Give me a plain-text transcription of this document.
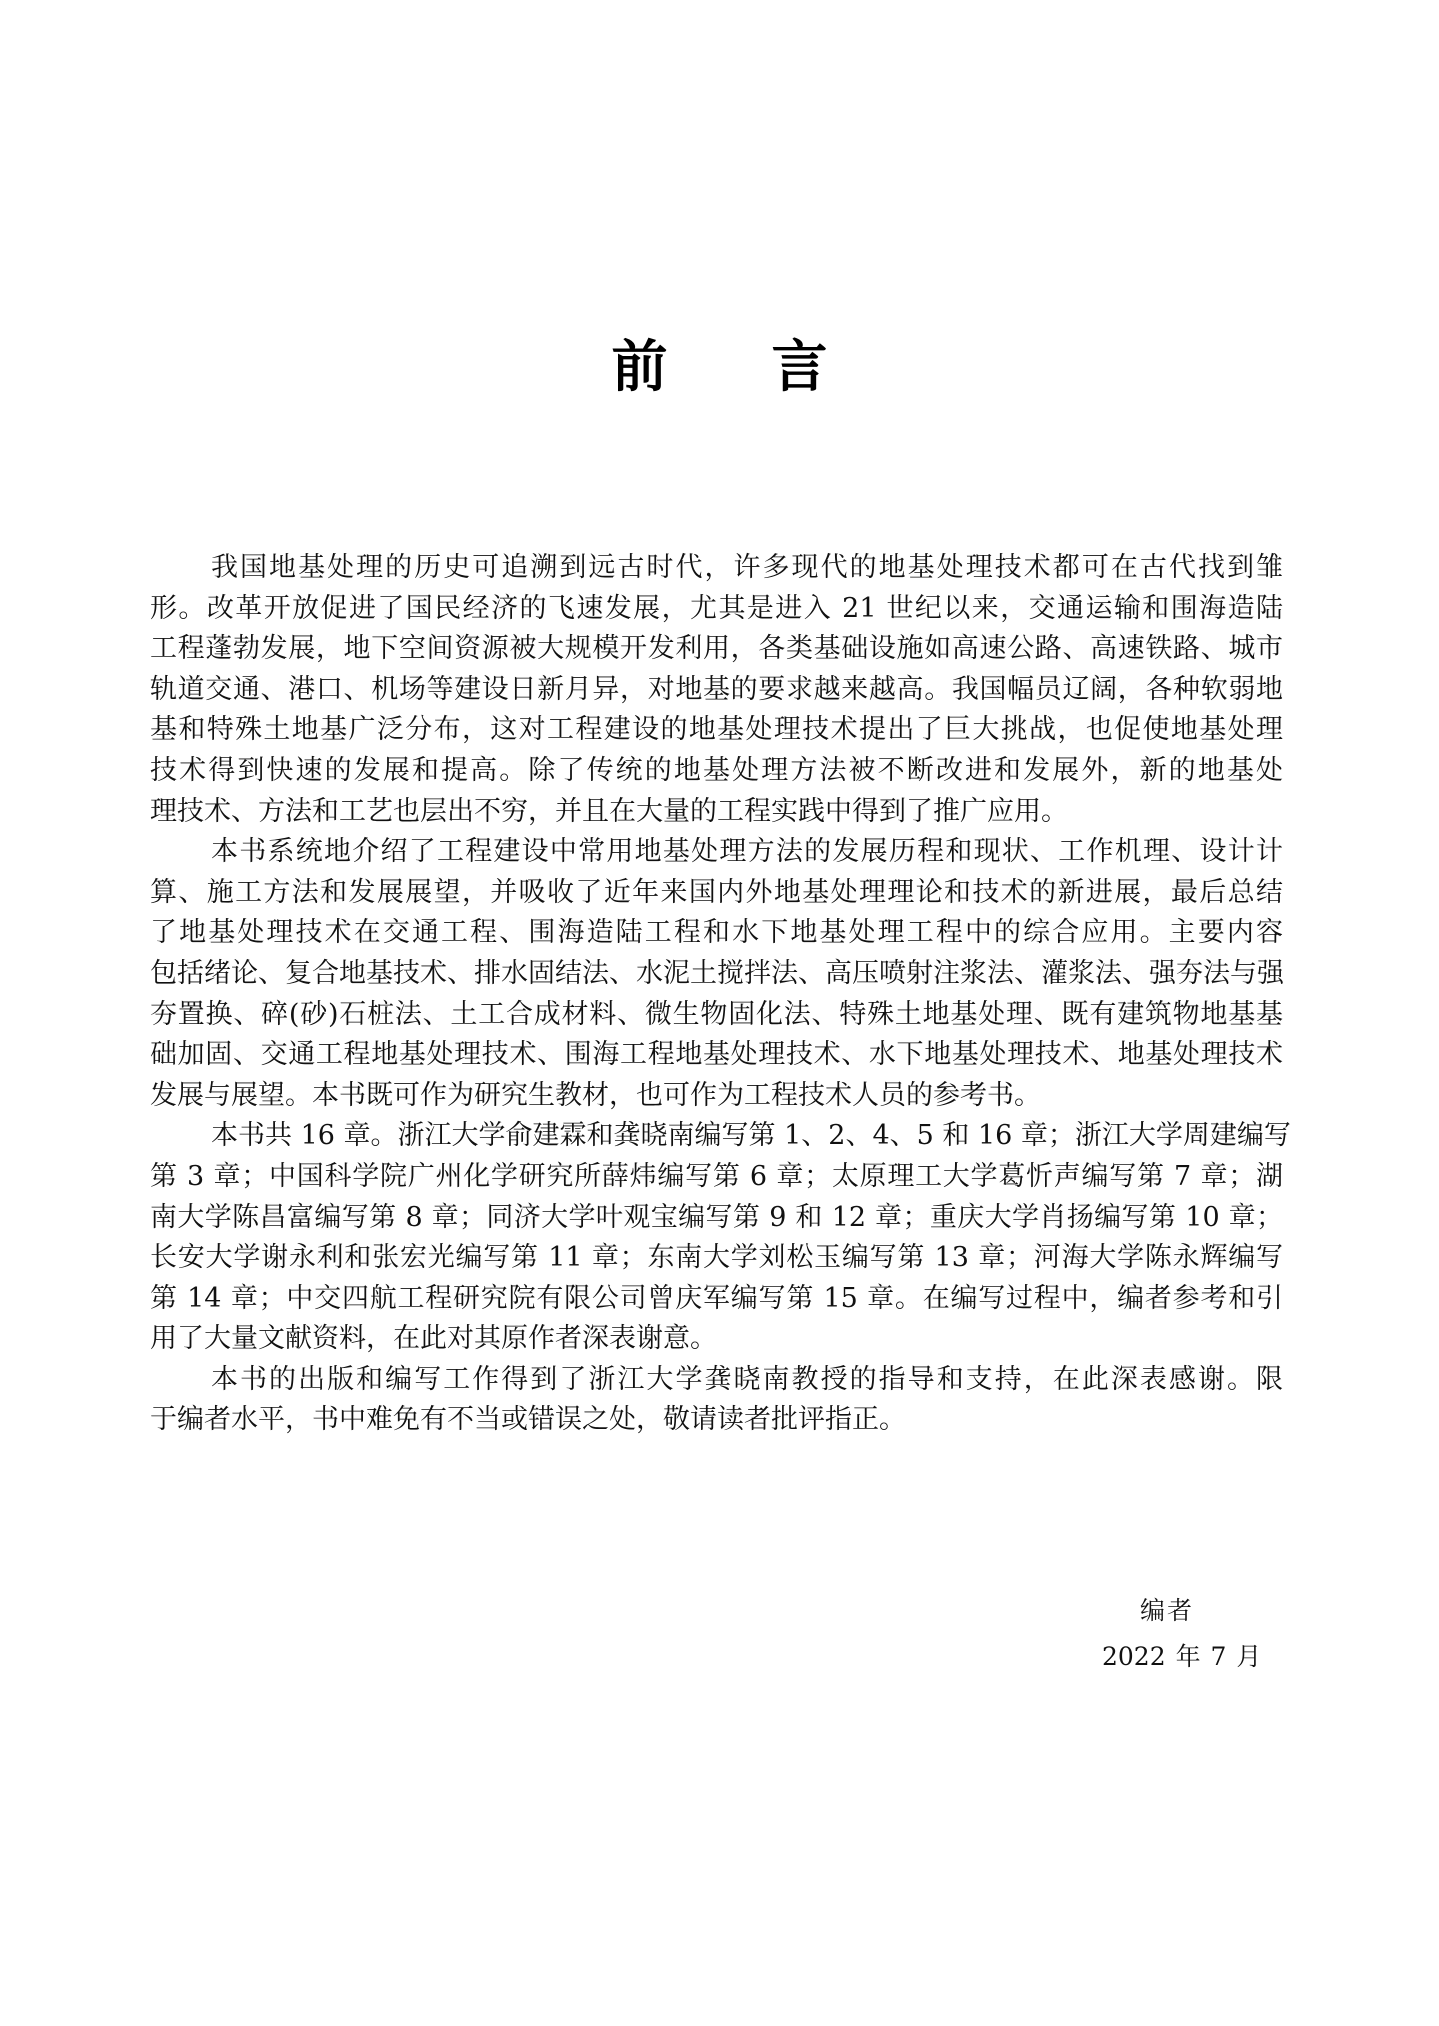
前 言
我国地基处理的历史可追溯到远古时代，许多现代的地基处理技术都可在古代找到雏
形。改革开放促进了国民经济的飞速发展，尤其是进入 21 世纪以来，交通运输和围海造陆
工程蓬勃发展，地下空间资源被大规模开发利用，各类基础设施如高速公路、高速铁路、城市
轨道交通、港口、机场等建设日新月异，对地基的要求越来越高。我国幅员辽阔，各种软弱地
基和特殊土地基广泛分布，这对工程建设的地基处理技术提出了巨大挑战，也促使地基处理
技术得到快速的发展和提高。除了传统的地基处理方法被不断改进和发展外，新的地基处
理技术、方法和工艺也层出不穷，并且在大量的工程实践中得到了推广应用。
本书系统地介绍了工程建设中常用地基处理方法的发展历程和现状、工作机理、设计计
算、施工方法和发展展望，并吸收了近年来国内外地基处理理论和技术的新进展，最后总结
了地基处理技术在交通工程、围海造陆工程和水下地基处理工程中的综合应用。主要内容
包括绪论、复合地基技术、排水固结法、水泥土搅拌法、高压喷射注浆法、灌浆法、强夯法与强
夯置换、碎(砂)石桩法、土工合成材料、微生物固化法、特殊土地基处理、既有建筑物地基基
础加固、交通工程地基处理技术、围海工程地基处理技术、水下地基处理技术、地基处理技术
发展与展望。本书既可作为研究生教材，也可作为工程技术人员的参考书。
本书共 16 章。浙江大学俞建霖和龚晓南编写第 1、2、4、5 和 16 章；浙江大学周建编写
第 3 章；中国科学院广州化学研究所薛炜编写第 6 章；太原理工大学葛忻声编写第 7 章；湖
南大学陈昌富编写第 8 章；同济大学叶观宝编写第 9 和 12 章；重庆大学肖扬编写第 10 章；
长安大学谢永利和张宏光编写第 11 章；东南大学刘松玉编写第 13 章；河海大学陈永辉编写
第 14 章；中交四航工程研究院有限公司曾庆军编写第 15 章。在编写过程中，编者参考和引
用了大量文献资料，在此对其原作者深表谢意。
本书的出版和编写工作得到了浙江大学龚晓南教授的指导和支持，在此深表感谢。限
于编者水平，书中难免有不当或错误之处，敬请读者批评指正。
编者
2022 年 7 月
